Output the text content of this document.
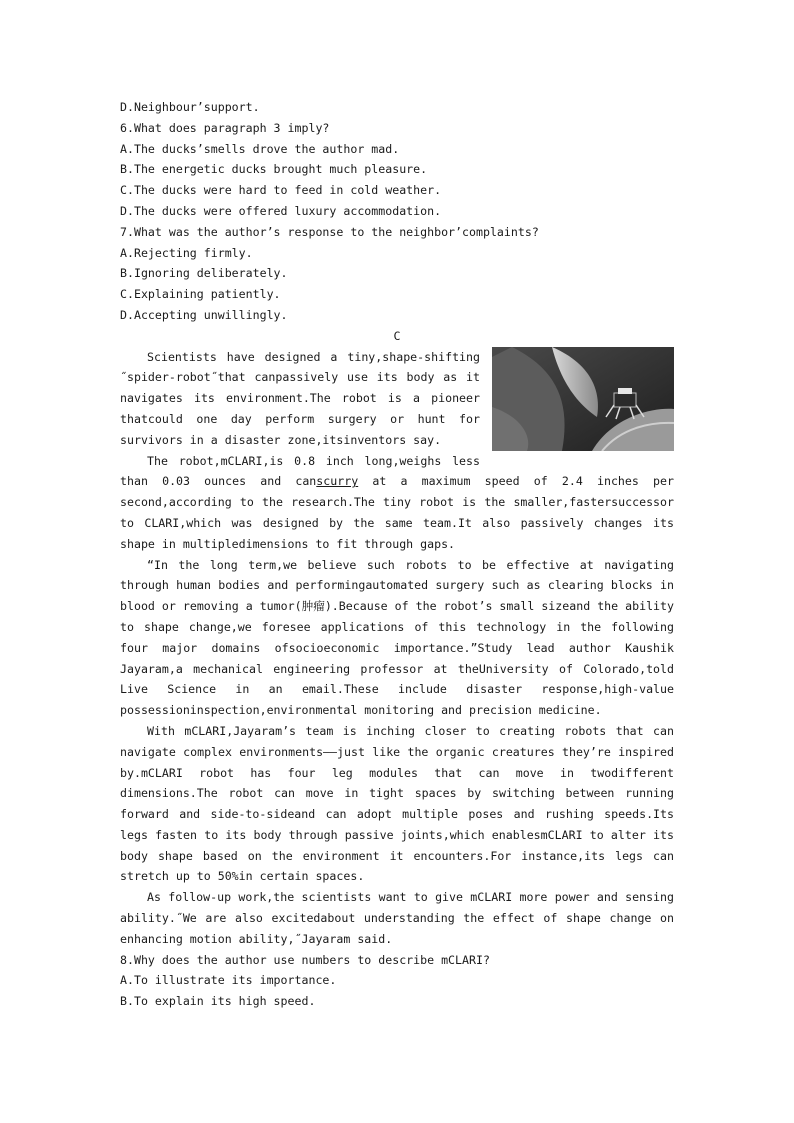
D.Neighbour’support.
6.What does paragraph 3 imply?
A.The ducks’smells drove the author mad.
B.The energetic ducks brought much pleasure.
C.The ducks were hard to feed in cold weather.
D.The ducks were offered luxury accommodation.
7.What was the author’s response to the neighbor’complaints?
A.Rejecting firmly.
B.Ignoring deliberately.
C.Explaining patiently.
D.Accepting unwillingly.
C
Scientists have designed a tiny,shape-shifting ˝spider-robot˝that canpassively use its body as it navigates its environment.The robot is a pioneer thatcould one day perform surgery or hunt for survivors in a disaster zone,itsinventors say.
The robot,mCLARI,is 0.8 inch long,weighs less than 0.03 ounces and canscurry at a maximum speed of 2.4 inches per second,according to the research.The tiny robot is the smaller,fastersuccessor to CLARI,which was designed by the same team.It also passively changes its shape in multipledimensions to fit through gaps.
“In the long term,we believe such robots to be effective at navigating through human bodies and performingautomated surgery such as clearing blocks in blood or removing a tumor(肿瘤).Because of the robot’s small sizeand the ability to shape change,we foresee applications of this technology in the following four major domains ofsocioeconomic importance.”Study lead author Kaushik Jayaram,a mechanical engineering professor at theUniversity of Colorado,told Live Science in an email.These include disaster response,high-value possessioninspection,environmental monitoring and precision medicine.
With mCLARI,Jayaram’s team is inching closer to creating robots that can navigate complex environments——just like the organic creatures they’re inspired by.mCLARI robot has four leg modules that can move in twodifferent dimensions.The robot can move in tight spaces by switching between running forward and side-to-sideand can adopt multiple poses and rushing speeds.Its legs fasten to its body through passive joints,which enablesmCLARI to alter its body shape based on the environment it encounters.For instance,its legs can stretch up to 50%in certain spaces.
As follow-up work,the scientists want to give mCLARI more power and sensing ability.˝We are also excitedabout understanding the effect of shape change on enhancing motion ability,˝Jayaram said.
8.Why does the author use numbers to describe mCLARI?
A.To illustrate its importance.
B.To explain its high speed.
